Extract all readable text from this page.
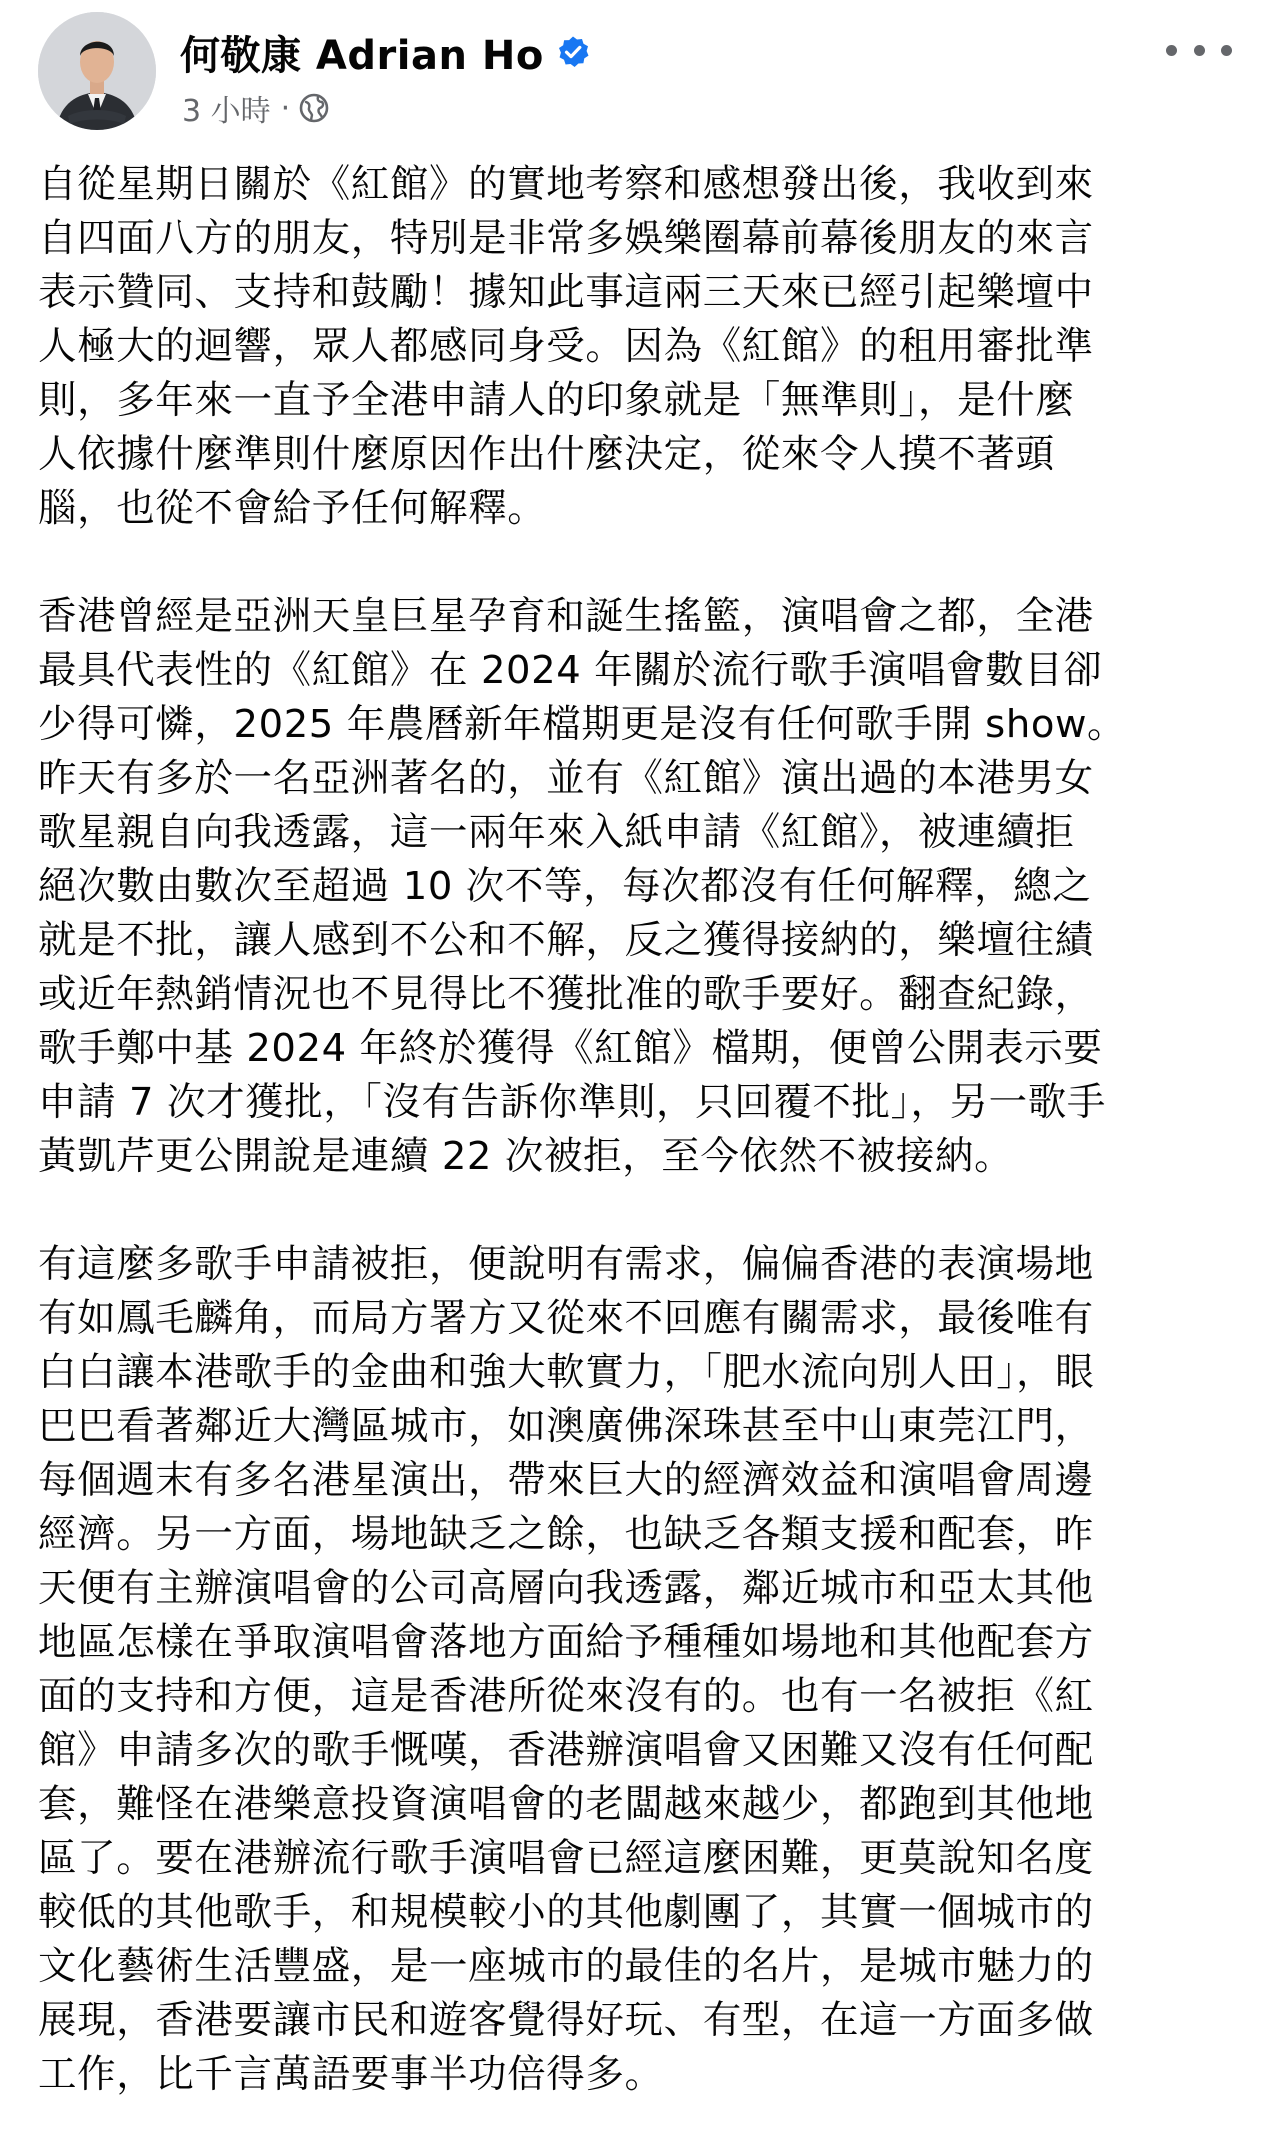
何敬康 Adrian Ho
3 小時 ·

自從星期日關於《紅館》的實地考察和感想發出後，我收到來
自四面八方的朋友，特別是非常多娛樂圈幕前幕後朋友的來言
表示贊同、支持和鼓勵！據知此事這兩三天來已經引起樂壇中
人極大的迴響，眾人都感同身受。因為《紅館》的租用審批準
則，多年來一直予全港申請人的印象就是「無準則」，是什麼
人依據什麼準則什麼原因作出什麼決定，從來令人摸不著頭
腦，也從不會給予任何解釋。

香港曾經是亞洲天皇巨星孕育和誕生搖籃，演唱會之都，全港
最具代表性的《紅館》在 2024 年關於流行歌手演唱會數目卻
少得可憐，2025 年農曆新年檔期更是沒有任何歌手開 show。
昨天有多於一名亞洲著名的，並有《紅館》演出過的本港男女
歌星親自向我透露，這一兩年來入紙申請《紅館》，被連續拒
絕次數由數次至超過 10 次不等，每次都沒有任何解釋，總之
就是不批，讓人感到不公和不解，反之獲得接納的，樂壇往績
或近年熱銷情況也不見得比不獲批准的歌手要好。翻查紀錄，
歌手鄭中基 2024 年終於獲得《紅館》檔期，便曾公開表示要
申請 7 次才獲批，「沒有告訴你準則，只回覆不批」，另一歌手
黃凱芹更公開說是連續 22 次被拒，至今依然不被接納。

有這麼多歌手申請被拒，便說明有需求，偏偏香港的表演場地
有如鳳毛麟角，而局方署方又從來不回應有關需求，最後唯有
白白讓本港歌手的金曲和強大軟實力，「肥水流向別人田」，眼
巴巴看著鄰近大灣區城市，如澳廣佛深珠甚至中山東莞江門，
每個週末有多名港星演出，帶來巨大的經濟效益和演唱會周邊
經濟。另一方面，場地缺乏之餘，也缺乏各類支援和配套，昨
天便有主辦演唱會的公司高層向我透露，鄰近城市和亞太其他
地區怎樣在爭取演唱會落地方面給予種種如場地和其他配套方
面的支持和方便，這是香港所從來沒有的。也有一名被拒《紅
館》申請多次的歌手慨嘆，香港辦演唱會又困難又沒有任何配
套，難怪在港樂意投資演唱會的老闆越來越少，都跑到其他地
區了。要在港辦流行歌手演唱會已經這麼困難，更莫說知名度
較低的其他歌手，和規模較小的其他劇團了，其實一個城市的
文化藝術生活豐盛，是一座城市的最佳的名片，是城市魅力的
展現，香港要讓市民和遊客覺得好玩、有型，在這一方面多做
工作，比千言萬語要事半功倍得多。
